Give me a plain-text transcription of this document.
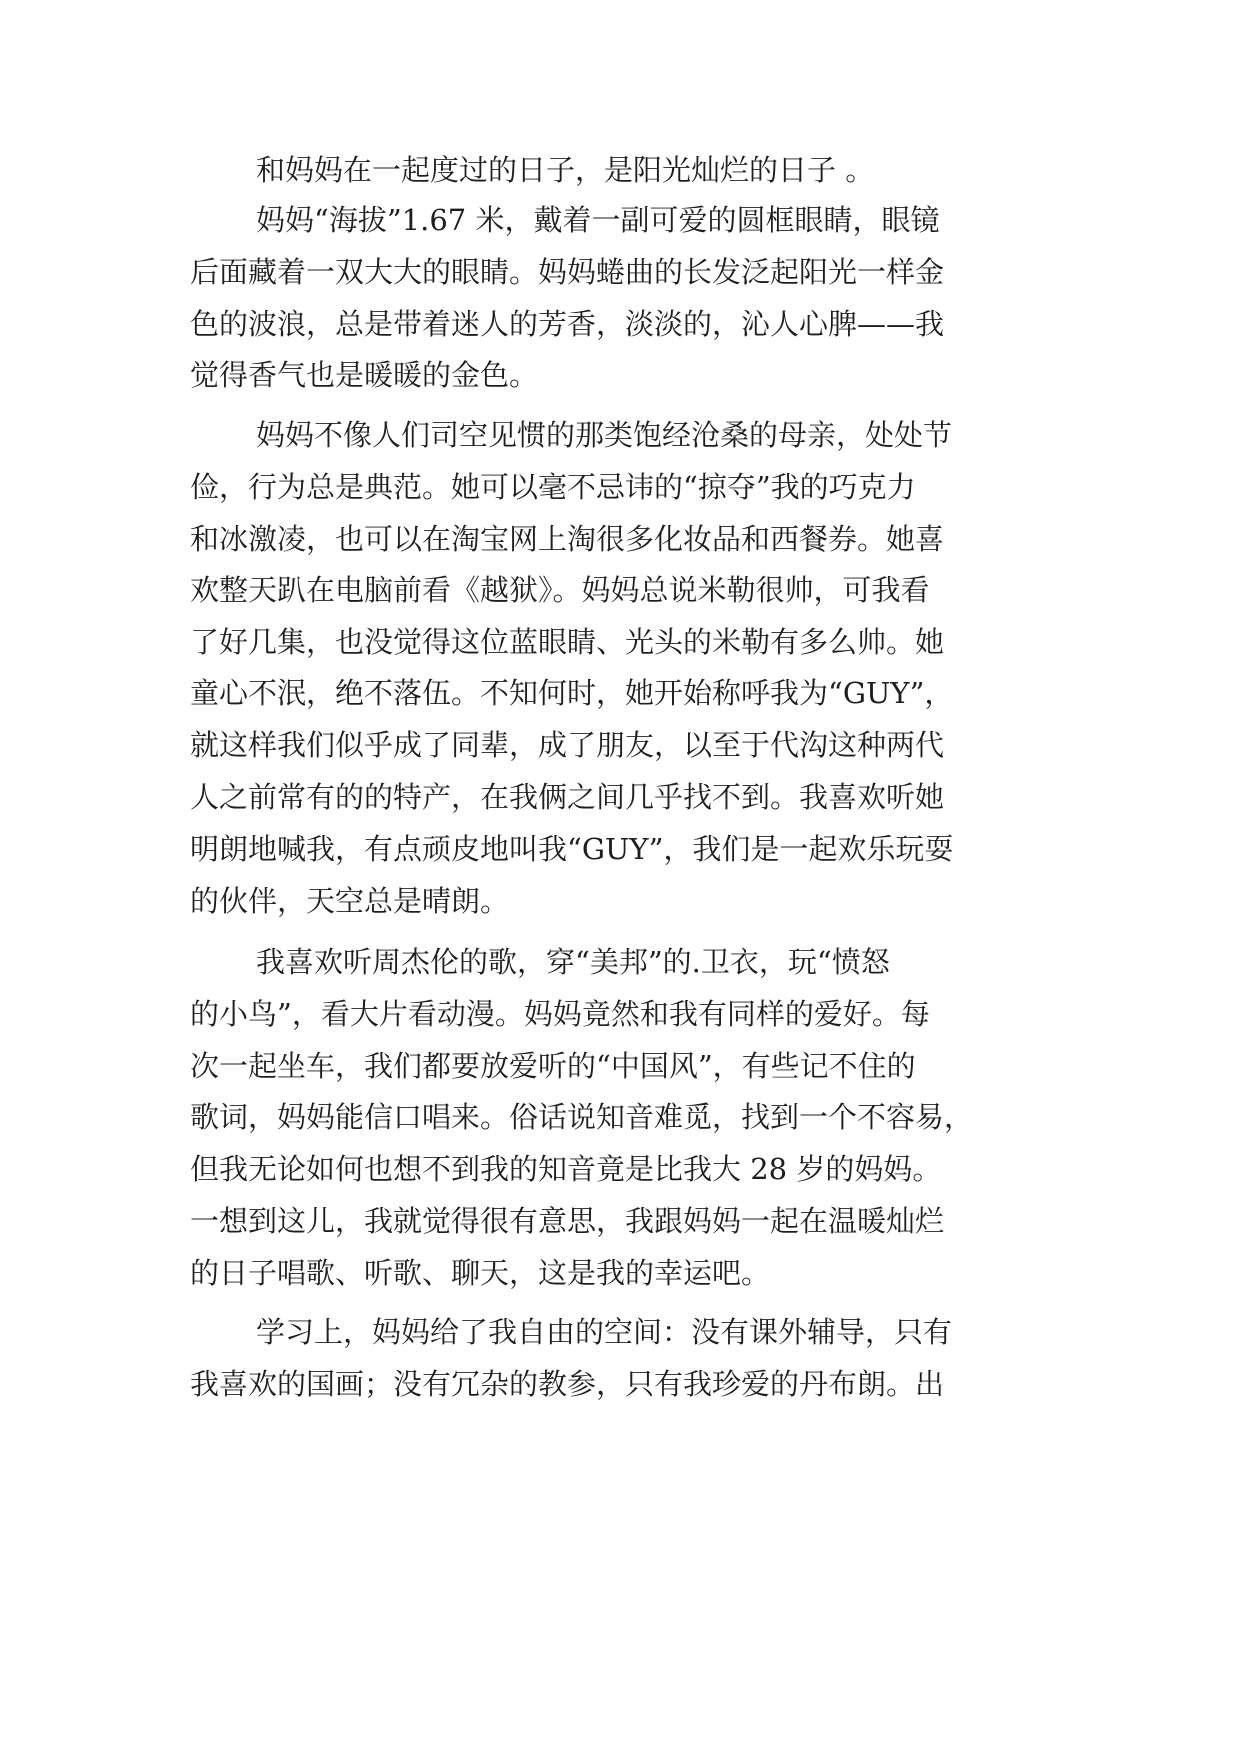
和妈妈在一起度过的日子，是阳光灿烂的日子 。
妈妈“海拔”1.67 米，戴着一副可爱的圆框眼睛，眼镜
后面藏着一双大大的眼睛。妈妈蜷曲的长发泛起阳光一样金
色的波浪，总是带着迷人的芳香，淡淡的，沁人心脾——我
觉得香气也是暖暖的金色。
妈妈不像人们司空见惯的那类饱经沧桑的母亲，处处节
俭，行为总是典范。她可以毫不忌讳的“掠夺”我的巧克力
和冰激凌，也可以在淘宝网上淘很多化妆品和西餐券。她喜
欢整天趴在电脑前看《越狱》。妈妈总说米勒很帅，可我看
了好几集，也没觉得这位蓝眼睛、光头的米勒有多么帅。她
童心不泯，绝不落伍。不知何时，她开始称呼我为“GUY”，
就这样我们似乎成了同辈，成了朋友，以至于代沟这种两代
人之前常有的的特产，在我俩之间几乎找不到。我喜欢听她
明朗地喊我，有点顽皮地叫我“GUY”，我们是一起欢乐玩耍
的伙伴，天空总是晴朗。
我喜欢听周杰伦的歌，穿“美邦”的.卫衣，玩“愤怒
的小鸟”，看大片看动漫。妈妈竟然和我有同样的爱好。每
次一起坐车，我们都要放爱听的“中国风”，有些记不住的
歌词，妈妈能信口唱来。俗话说知音难觅，找到一个不容易，
但我无论如何也想不到我的知音竟是比我大 28 岁的妈妈。
一想到这儿，我就觉得很有意思，我跟妈妈一起在温暖灿烂
的日子唱歌、听歌、聊天，这是我的幸运吧。
学习上，妈妈给了我自由的空间：没有课外辅导，只有
我喜欢的国画；没有冗杂的教参，只有我珍爱的丹布朗。出
